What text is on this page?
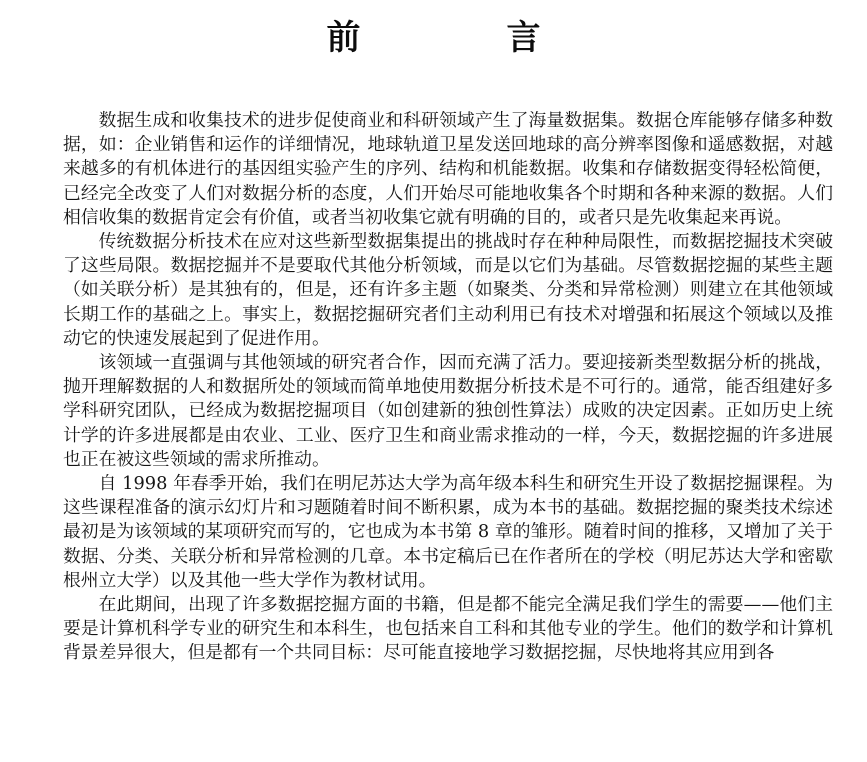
前　言

数据生成和收集技术的进步促使商业和科研领域产生了海量数据集。数据仓库能够存储多种数据，如：企业销售和运作的详细情况，地球轨道卫星发送回地球的高分辨率图像和遥感数据，对越来越多的有机体进行的基因组实验产生的序列、结构和机能数据。收集和存储数据变得轻松简便，已经完全改变了人们对数据分析的态度，人们开始尽可能地收集各个时期和各种来源的数据。人们相信收集的数据肯定会有价值，或者当初收集它就有明确的目的，或者只是先收集起来再说。

传统数据分析技术在应对这些新型数据集提出的挑战时存在种种局限性，而数据挖掘技术突破了这些局限。数据挖掘并不是要取代其他分析领域，而是以它们为基础。尽管数据挖掘的某些主题（如关联分析）是其独有的，但是，还有许多主题（如聚类、分类和异常检测）则建立在其他领域长期工作的基础之上。事实上，数据挖掘研究者们主动利用已有技术对增强和拓展这个领域以及推动它的快速发展起到了促进作用。

该领域一直强调与其他领域的研究者合作，因而充满了活力。要迎接新类型数据分析的挑战，抛开理解数据的人和数据所处的领域而简单地使用数据分析技术是不可行的。通常，能否组建好多学科研究团队，已经成为数据挖掘项目（如创建新的独创性算法）成败的决定因素。正如历史上统计学的许多进展都是由农业、工业、医疗卫生和商业需求推动的一样，今天，数据挖掘的许多进展也正在被这些领域的需求所推动。

自 1998 年春季开始，我们在明尼苏达大学为高年级本科生和研究生开设了数据挖掘课程。为这些课程准备的演示幻灯片和习题随着时间不断积累，成为本书的基础。数据挖掘的聚类技术综述最初是为该领域的某项研究而写的，它也成为本书第 8 章的雏形。随着时间的推移，又增加了关于数据、分类、关联分析和异常检测的几章。本书定稿后已在作者所在的学校（明尼苏达大学和密歇根州立大学）以及其他一些大学作为教材试用。

在此期间，出现了许多数据挖掘方面的书籍，但是都不能完全满足我们学生的需要——他们主要是计算机科学专业的研究生和本科生，也包括来自工科和其他专业的学生。他们的数学和计算机背景差异很大，但是都有一个共同目标：尽可能直接地学习数据挖掘，尽快地将其应用到各
